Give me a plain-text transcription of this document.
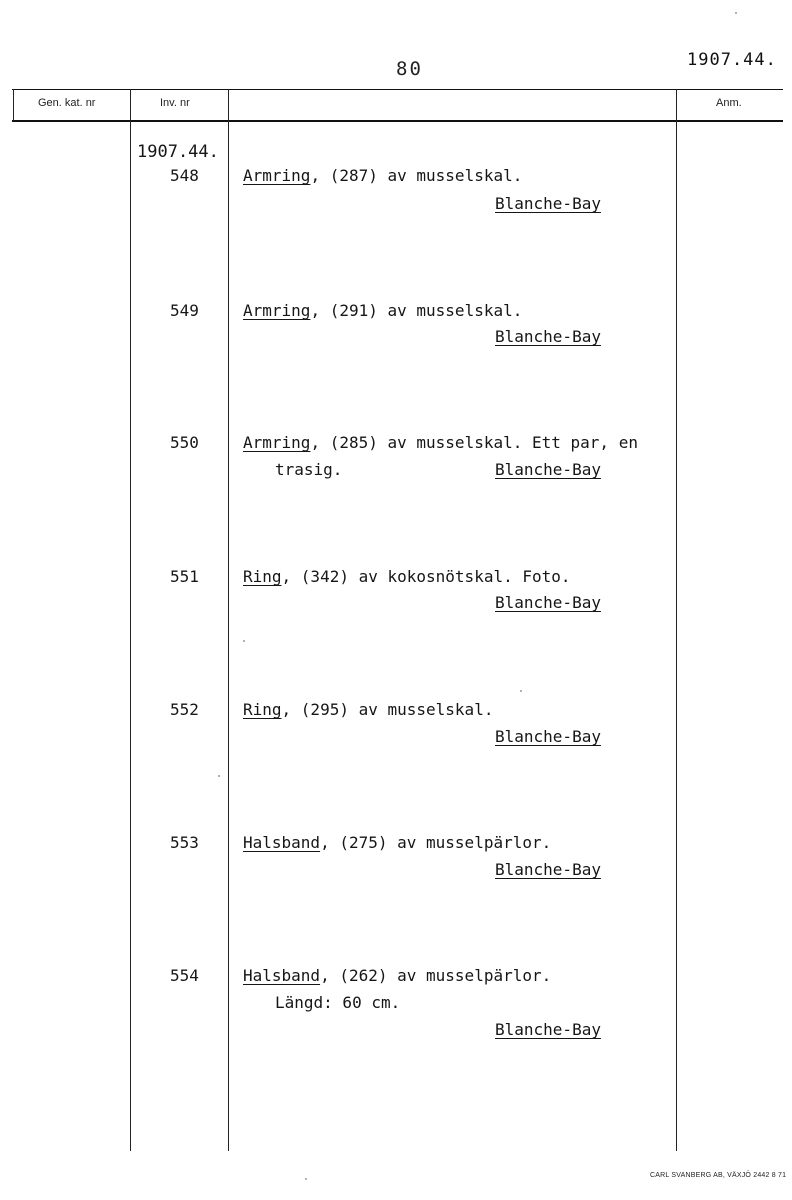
80	1907.44.
Gen. kat. nr	Inv. nr	Anm.
1907.44.
548	Armring, (287) av musselskal.
Blanche-Bay
549	Armring, (291) av musselskal.
Blanche-Bay
550	Armring, (285) av musselskal. Ett par, en
trasig.	Blanche-Bay
551	Ring, (342) av kokosnötskal. Foto.
Blanche-Bay
552	Ring, (295) av musselskal.
Blanche-Bay
553	Halsband, (275) av musselpärlor.
Blanche-Bay
554	Halsband, (262) av musselpärlor.
Längd: 60 cm.
Blanche-Bay
CARL SVANBERG AB, VÄXJÖ 2442 8 71
